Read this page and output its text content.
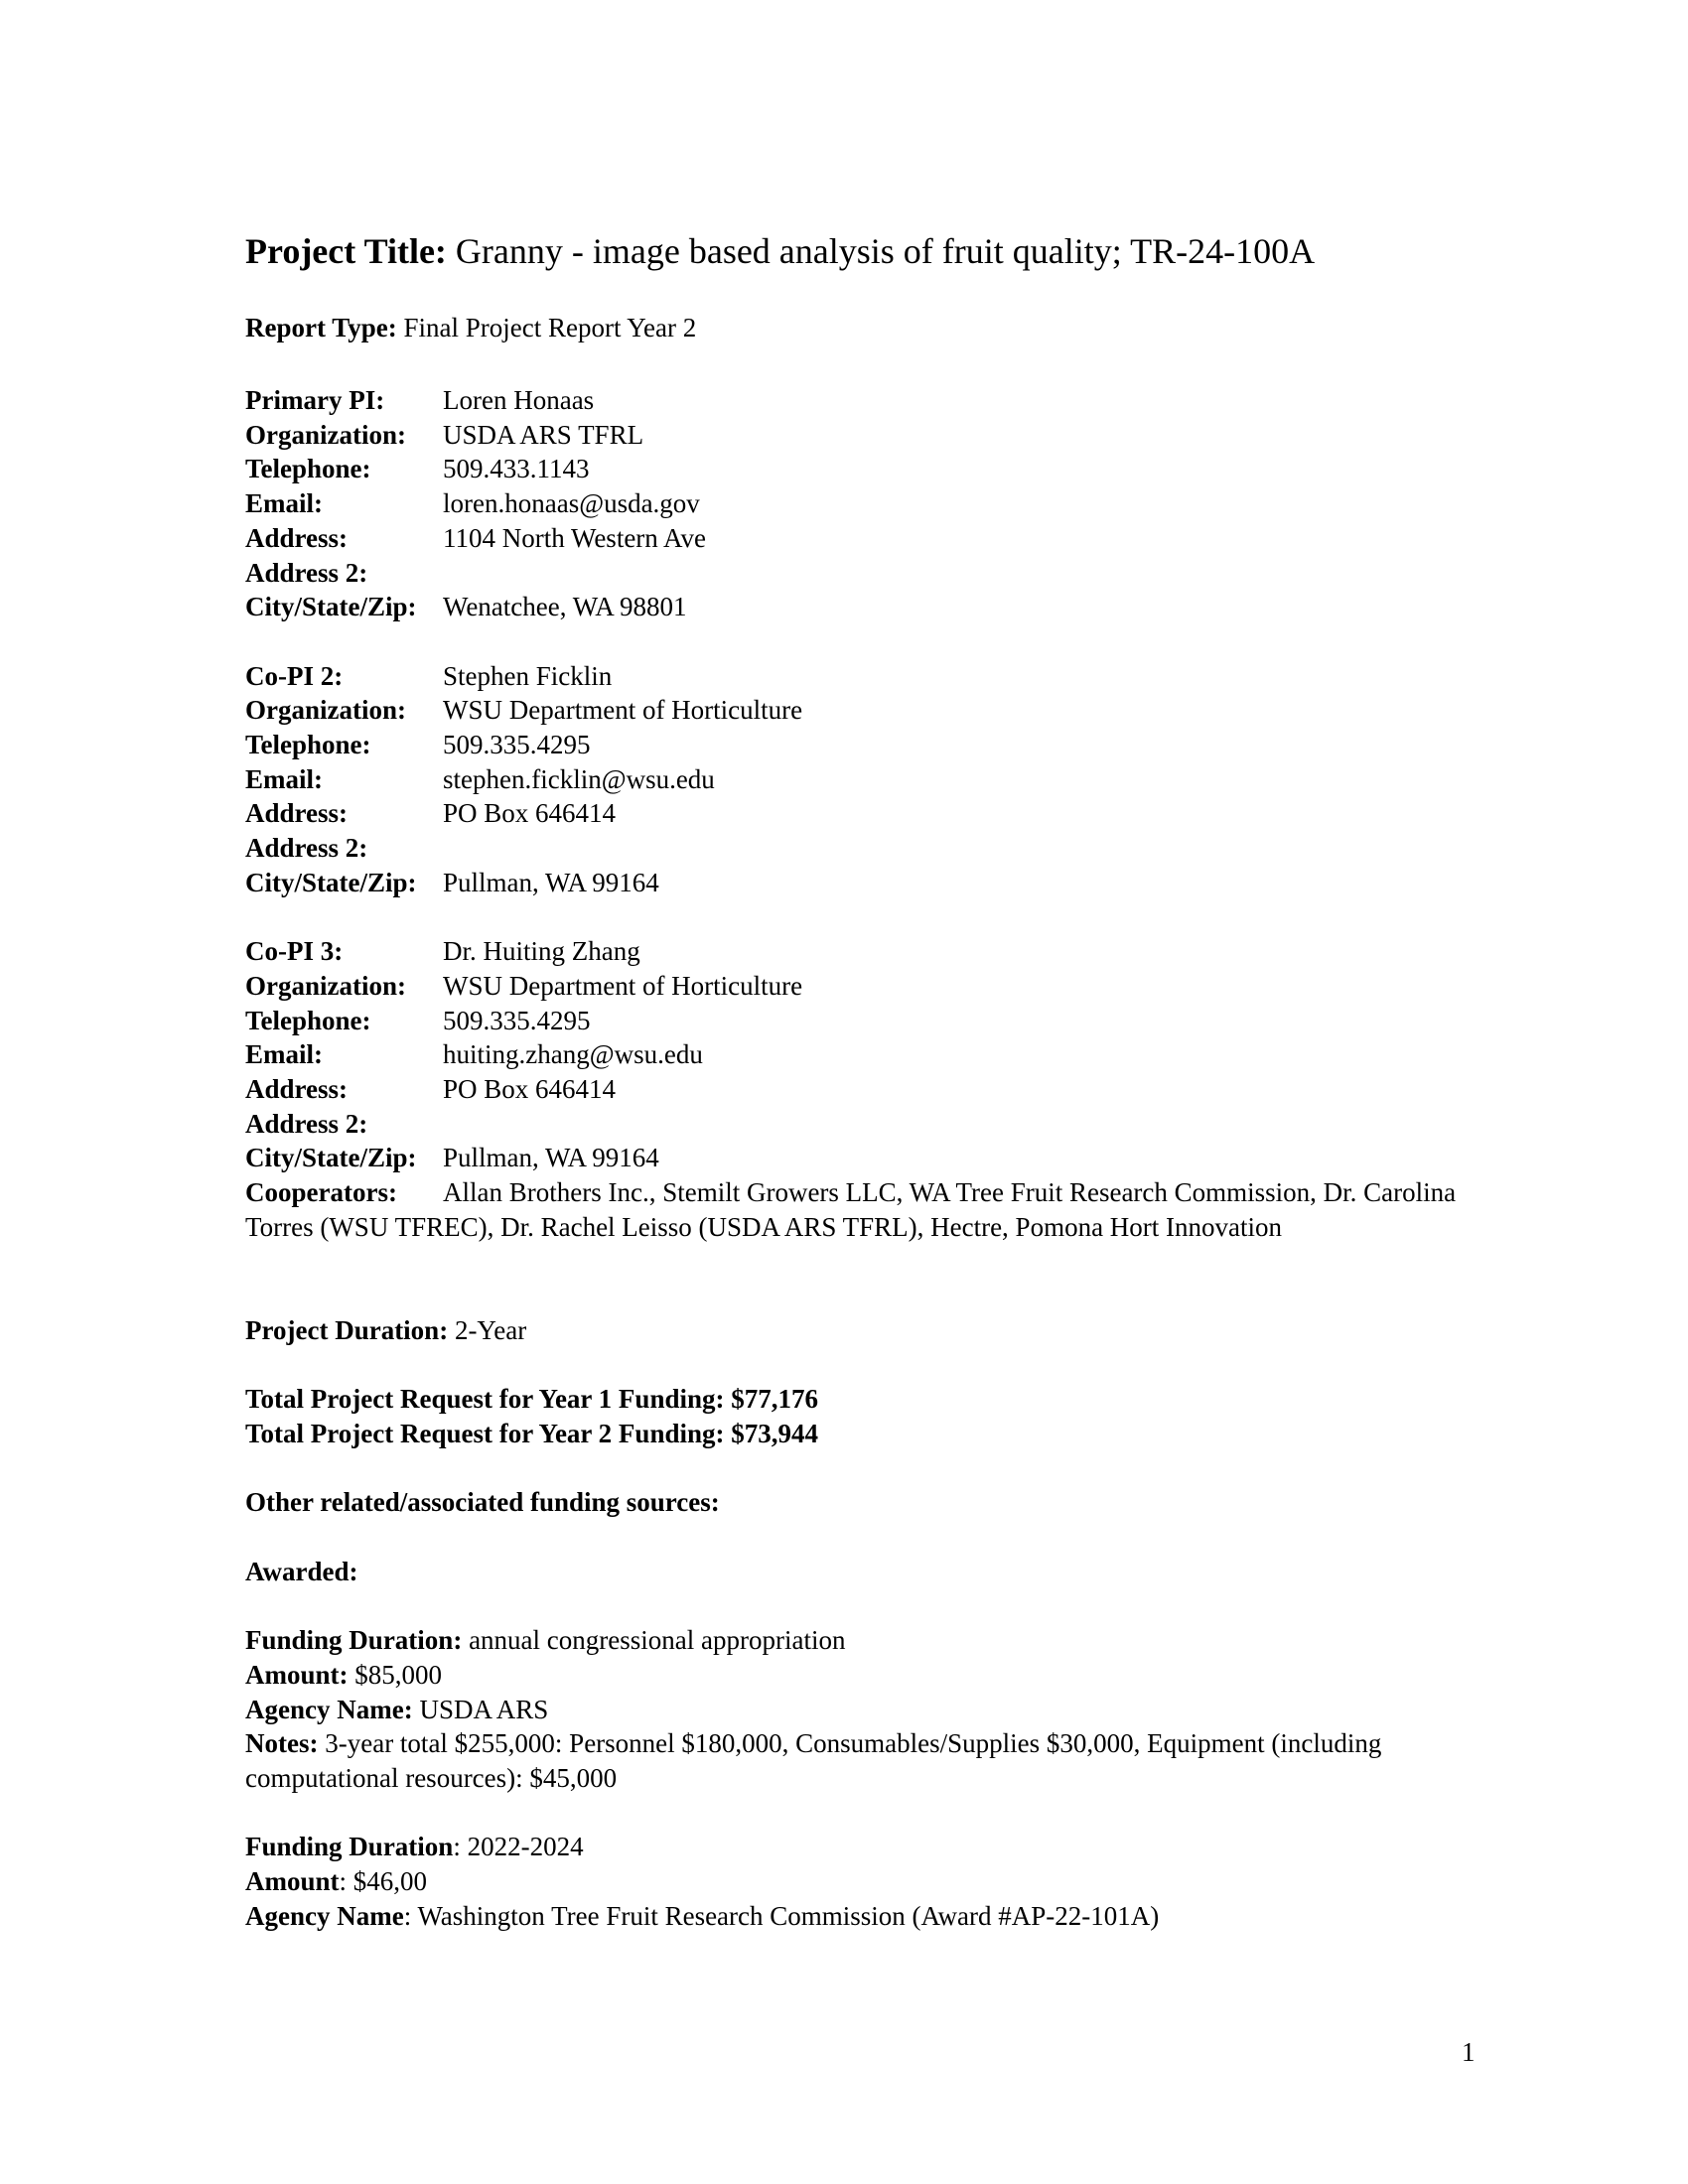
Project Title: Granny - image based analysis of fruit quality; TR-24-100A
Report Type: Final Project Report Year 2
Primary PI: Loren Honaas
Organization: USDA ARS TFRL
Telephone:	509.433.1143
Email:	loren.honaas@usda.gov
Address:	1104 North Western Ave
Address 2:
City/State/Zip: Wenatchee, WA 98801
Co-PI 2:	Stephen Ficklin
Organization: WSU Department of Horticulture
Telephone:	509.335.4295
Email:	stephen.ficklin@wsu.edu
Address:	PO Box 646414
Address 2:
City/State/Zip: Pullman, WA 99164
Co-PI 3:	Dr. Huiting Zhang
Organization: WSU Department of Horticulture
Telephone:	509.335.4295
Email:	huiting.zhang@wsu.edu
Address:	PO Box 646414
Address 2:
City/State/Zip: Pullman, WA 99164
Cooperators: Allan Brothers Inc., Stemilt Growers LLC, WA Tree Fruit Research Commission, Dr. Carolina Torres (WSU TFREC), Dr. Rachel Leisso (USDA ARS TFRL), Hectre, Pomona Hort Innovation
Project Duration: 2-Year
Total Project Request for Year 1 Funding: $77,176
Total Project Request for Year 2 Funding: $73,944
Other related/associated funding sources:
Awarded:
Funding Duration: annual congressional appropriation
Amount: $85,000
Agency Name: USDA ARS
Notes: 3-year total $255,000: Personnel $180,000, Consumables/Supplies $30,000, Equipment (including computational resources): $45,000
Funding Duration: 2022-2024
Amount: $46,00
Agency Name: Washington Tree Fruit Research Commission (Award #AP-22-101A)
1
